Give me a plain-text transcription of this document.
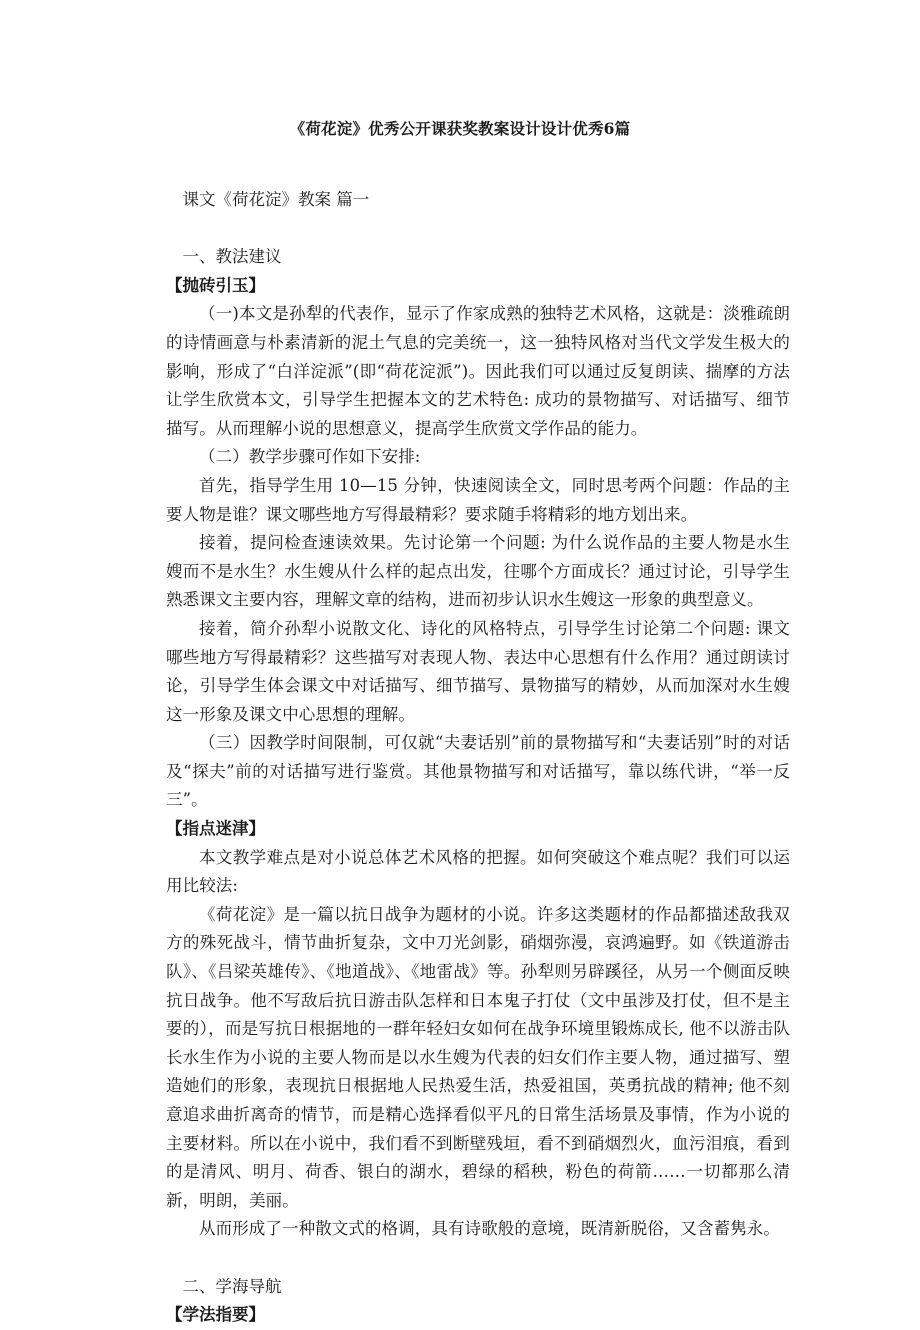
《荷花淀》优秀公开课获奖教案设计设计优秀6篇

课文《荷花淀》教案 篇一

一、教法建议

【抛砖引玉】

（一)本文是孙犁的代表作，显示了作家成熟的独特艺术风格，这就是：淡雅疏朗的诗情画意与朴素清新的泥土气息的完美统一，这一独特风格对当代文学发生极大的影响，形成了“白洋淀派”(即“荷花淀派”)。因此我们可以通过反复朗读、揣摩的方法让学生欣赏本文，引导学生把握本文的艺术特色: 成功的景物描写、对话描写、细节描写。从而理解小说的思想意义，提高学生欣赏文学作品的能力。

（二）教学步骤可作如下安排:

首先，指导学生用 10—15 分钟，快速阅读全文，同时思考两个问题：作品的主要人物是谁？课文哪些地方写得最精彩？要求随手将精彩的地方划出来。

接着，提问检查速读效果。先讨论第一个问题: 为什么说作品的主要人物是水生嫂而不是水生？水生嫂从什么样的起点出发，往哪个方面成长？通过讨论，引导学生熟悉课文主要内容，理解文章的结构，进而初步认识水生嫂这一形象的典型意义。

接着，简介孙犁小说散文化、诗化的风格特点，引导学生讨论第二个问题: 课文哪些地方写得最精彩？这些描写对表现人物、表达中心思想有什么作用？通过朗读讨论，引导学生体会课文中对话描写、细节描写、景物描写的精妙，从而加深对水生嫂这一形象及课文中心思想的理解。

（三）因教学时间限制，可仅就“夫妻话别”前的景物描写和“夫妻话别”时的对话及“探夫”前的对话描写进行鉴赏。其他景物描写和对话描写，靠以练代讲，“举一反三”。

【指点迷津】

本文教学难点是对小说总体艺术风格的把握。如何突破这个难点呢？我们可以运用比较法:

《荷花淀》是一篇以抗日战争为题材的小说。许多这类题材的作品都描述敌我双方的殊死战斗，情节曲折复杂，文中刀光剑影，硝烟弥漫，哀鸿遍野。如《铁道游击队》、《吕梁英雄传》、《地道战》、《地雷战》等。孙犁则另辟蹊径，从另一个侧面反映抗日战争。他不写敌后抗日游击队怎样和日本鬼子打仗（文中虽涉及打仗，但不是主要的），而是写抗日根据地的一群年轻妇女如何在战争环境里锻炼成长, 他不以游击队长水生作为小说的主要人物而是以水生嫂为代表的妇女们作主要人物，通过描写、塑造她们的形象，表现抗日根据地人民热爱生活，热爱祖国，英勇抗战的精神; 他不刻意追求曲折离奇的情节，而是精心选择看似平凡的日常生活场景及事情，作为小说的主要材料。所以在小说中，我们看不到断壁残垣，看不到硝烟烈火，血污泪痕，看到的是清风、明月、荷香、银白的湖水，碧绿的稻秧，粉色的荷箭……一切都那么清新，明朗，美丽。

从而形成了一种散文式的格调，具有诗歌般的意境，既清新脱俗，又含蓄隽永。

二、学海导航

【学法指要】
